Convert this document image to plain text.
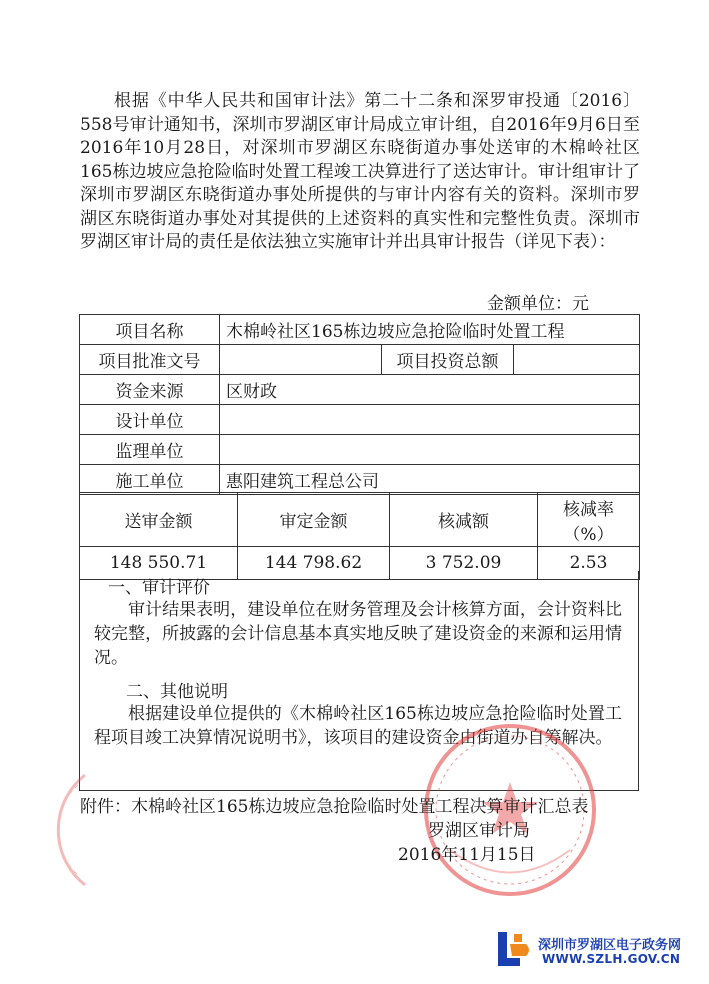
根据《中华人民共和国审计法》第二十二条和深罗审投通〔2016〕558号审计通知书，深圳市罗湖区审计局成立审计组，自2016年9月6日至2016年10月28日，对深圳市罗湖区东晓街道办事处送审的木棉岭社区165栋边坡应急抢险临时处置工程竣工决算进行了送达审计。审计组审计了深圳市罗湖区东晓街道办事处所提供的与审计内容有关的资料。深圳市罗湖区东晓街道办事处对其提供的上述资料的真实性和完整性负责。深圳市罗湖区审计局的责任是依法独立实施审计并出具审计报告（详见下表）：
金额单位：元
项目名称	木棉岭社区165栋边坡应急抢险临时处置工程		
项目批准文号		项目投资总额	
资金来源	区财政		
设计单位			
监理单位			
施工单位	惠阳建筑工程总公司		
送审金额	审定金额	核减额	核减率
（%）

148 550.71	144 798.62	3 752.09	2.53
一、审计评价
审计结果表明，建设单位在财务管理及会计核算方面，会计资料比较完整，所披露的会计信息基本真实地反映了建设资金的来源和运用情况。
二、其他说明
根据建设单位提供的《木棉岭社区165栋边坡应急抢险临时处置工程项目竣工决算情况说明书》，该项目的建设资金由街道办自筹解决。
附件：木棉岭社区165栋边坡应急抢险临时处置工程决算审计汇总表
罗湖区审计局
2016年11月15日
深圳市罗湖区电子政务网
WWW.SZLH.GOV.CN
